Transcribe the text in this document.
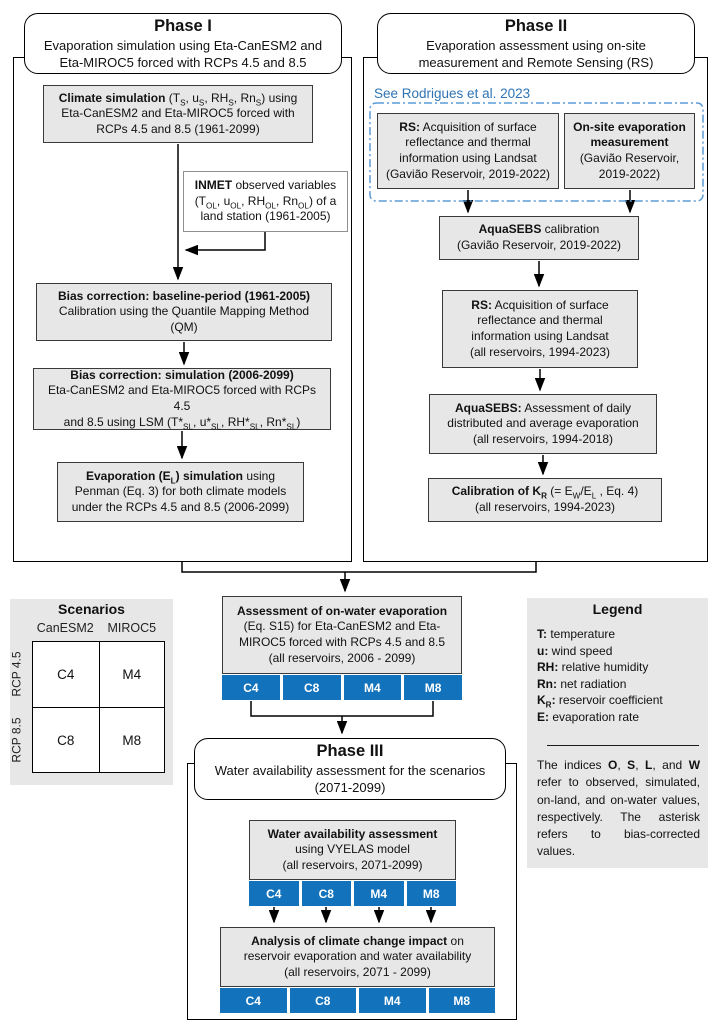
Phase I
Evaporation simulation using Eta-CanESM2 and
Eta-MIROC5 forced with RCPs 4.5 and 8.5
Climate simulation ($T_S$, $u_S$, $RH_S$, $Rn_S$) using
Eta-CanESM2 and Eta-MIROC5 forced with
RCPs 4.5 and 8.5 (1961-2099)
INMET observed variables
($T_{OL}$, $u_{OL}$, $RH_{OL}$, $Rn_{OL}$) of a
land station (1961-2005)
Bias correction: baseline-period (1961-2005)
Calibration using the Quantile Mapping Method
(QM)
Bias correction: simulation (2006-2099)
Eta-CanESM2 and Eta-MIROC5 forced with RCPs 4.5
and 8.5 using LSM ($T*_{SL}$, $u*_{SL}$, $RH*_{SL}$, $Rn*_{SL}$)
Evaporation $(E_L)$ simulation using
Penman (Eq. 3) for both climate models
under the RCPs 4.5 and 8.5 (2006-2099)
Phase II
Evaporation assessment using on-site
measurement and Remote Sensing (RS)
See Rodrigues et al. 2023
RS: Acquisition of surface
reflectance and thermal
information using Landsat
(Gavião Reservoir, 2019-2022)
On-site evaporation
measurement
(Gavião Reservoir,
2019-2022)
AquaSEBS calibration
(Gavião Reservoir, 2019-2022)
RS: Acquisition of surface
reflectance and thermal
information using Landsat
(all reservoirs, 1994-2023)
AquaSEBS: Assessment of daily
distributed and average evaporation
(all reservoirs, 1994-2018)
Calibration of $K_R$ (= $E_W/E_L$ , Eq. 4)
(all reservoirs, 1994-2023)
Assessment of on-water evaporation
(Eq. S15) for Eta-CanESM2 and Eta-
MIROC5 forced with RCPs 4.5 and 8.5
(all reservoirs, 2006 - 2099)
C4	C8	M4	M8
Phase III
Water availability assessment for the scenarios
(2071-2099)
Water availability assessment
using VYELAS model
(all reservoirs, 2071-2099)
C4	C8	M4	M8
Analysis of climate change impact on
reservoir evaporation and water availability
(all reservoirs, 2071 - 2099)
C4	C8	M4	M8
Scenarios
CanESM2	MIROC5
C4	M4
C8	M8
RCP 4.5
RCP 8.5
Legend
T: temperature
u: wind speed
RH: relative humidity
Rn: net radiation
$K_R$: reservoir coefficient
E: evaporation rate
The indices O, S, L, and W refer to observed, simulated, on-land, and on-water values, respectively. The asterisk refers to bias-corrected values.
